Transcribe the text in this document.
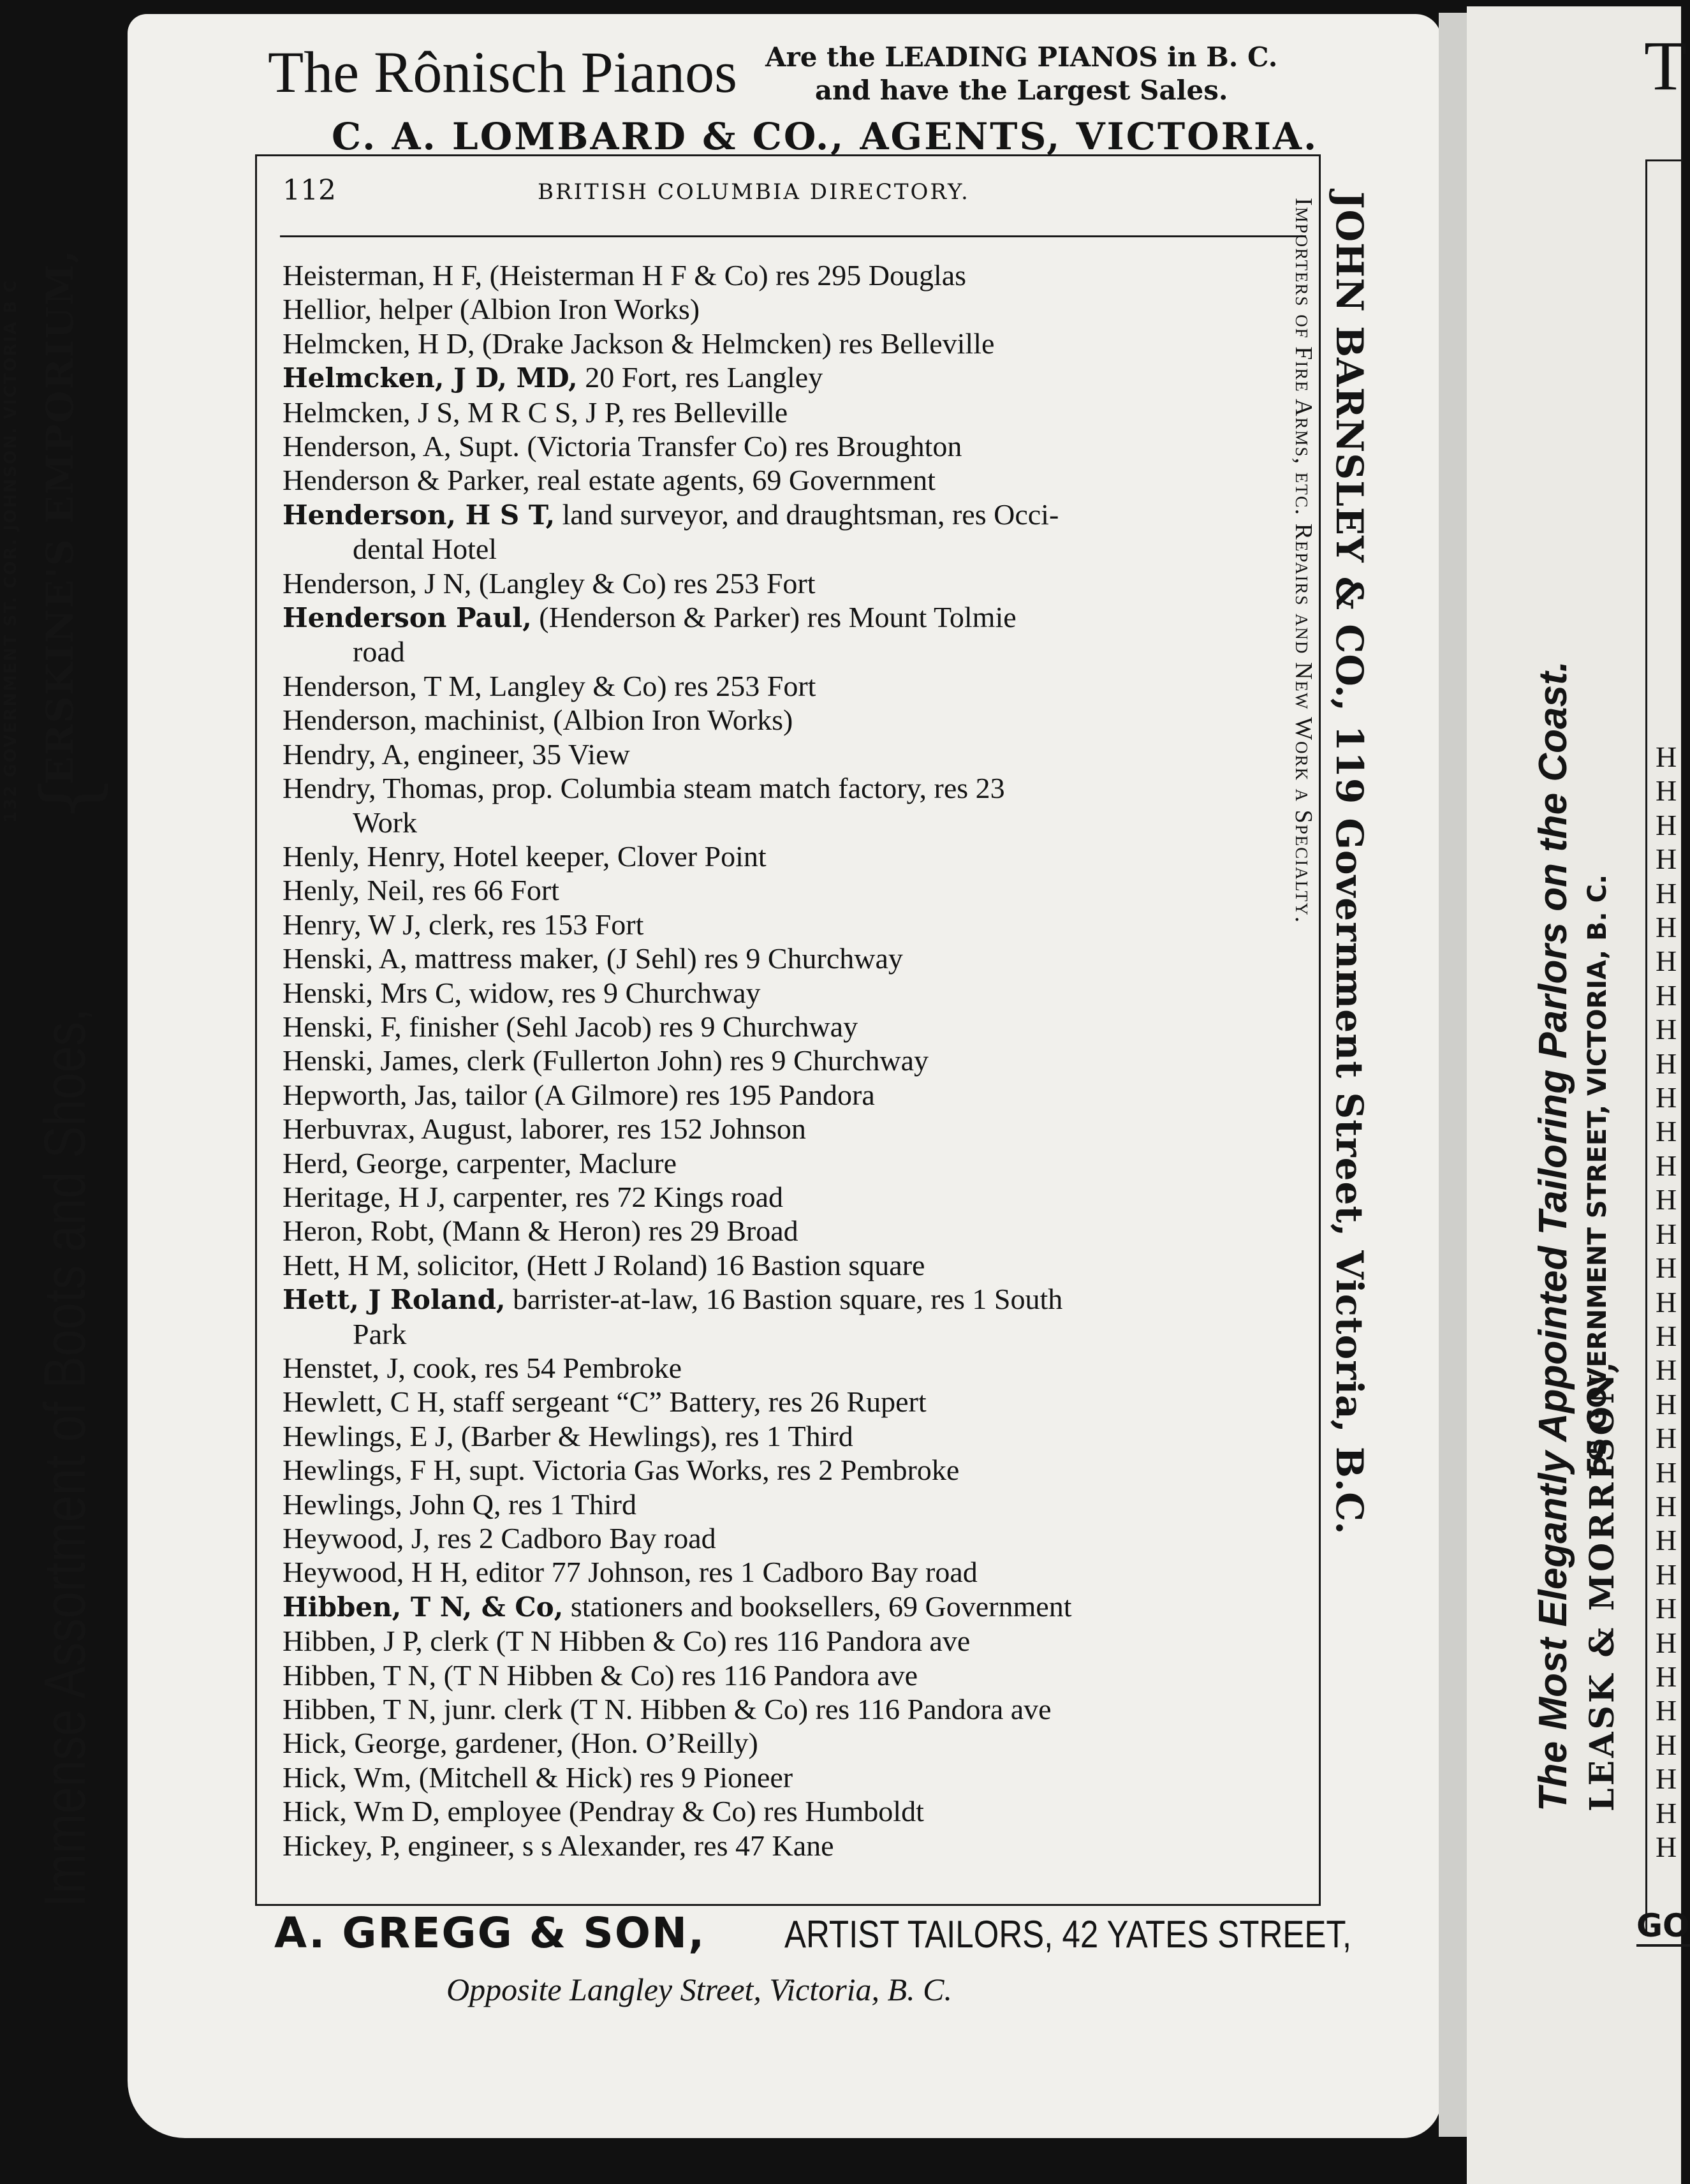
The Rônisch Pianos Are the LEADING PIANOS in B. C.
and have the Largest Sales.
C. A. LOMBARD & CO., AGENTS, VICTORIA.
Immense Assortment of Boots and Shoes,
{
132 GOVERNMENT ST. COR. JOHNSON. VICTORIA B C ERSKINE'S EMPORIUM,
112	BRITISH COLUMBIA DIRECTORY.
Heisterman, H F, (Heisterman H F & Co) res 295 Douglas
Hellior, helper (Albion Iron Works)
Helmcken, H D, (Drake Jackson & Helmcken) res Belleville
Helmcken, J D, MD, 20 Fort, res Langley
Helmcken, J S, M R C S, J P, res Belleville
Henderson, A, Supt. (Victoria Transfer Co) res Broughton
Henderson & Parker, real estate agents, 69 Government
Henderson, H S T, land surveyor, and draughtsman, res Occi-
dental Hotel
Henderson, J N, (Langley & Co) res 253 Fort
Henderson Paul, (Henderson & Parker) res Mount Tolmie
road
Henderson, T M, Langley & Co) res 253 Fort
Henderson, machinist, (Albion Iron Works)
Hendry, A, engineer, 35 View
Hendry, Thomas, prop. Columbia steam match factory, res 23
Work
Henly, Henry, Hotel keeper, Clover Point
Henly, Neil, res 66 Fort
Henry, W J, clerk, res 153 Fort
Henski, A, mattress maker, (J Sehl) res 9 Churchway
Henski, Mrs C, widow, res 9 Churchway
Henski, F, finisher (Sehl Jacob) res 9 Churchway
Henski, James, clerk (Fullerton John) res 9 Churchway
Hepworth, Jas, tailor (A Gilmore) res 195 Pandora
Herbuvrax, August, laborer, res 152 Johnson
Herd, George, carpenter, Maclure
Heritage, H J, carpenter, res 72 Kings road
Heron, Robt, (Mann & Heron) res 29 Broad
Hett, H M, solicitor, (Hett J Roland) 16 Bastion square
Hett, J Roland, barrister-at-law, 16 Bastion square, res 1 South
Park
Henstet, J, cook, res 54 Pembroke
Hewlett, C H, staff sergeant “C” Battery, res 26 Rupert
Hewlings, E J, (Barber & Hewlings), res 1 Third
Hewlings, F H, supt. Victoria Gas Works, res 2 Pembroke
Hewlings, John Q, res 1 Third
Heywood, J, res 2 Cadboro Bay road
Heywood, H H, editor 77 Johnson, res 1 Cadboro Bay road
Hibben, T N, & Co, stationers and booksellers, 69 Government
Hibben, J P, clerk (T N Hibben & Co) res 116 Pandora ave
Hibben, T N, (T N Hibben & Co) res 116 Pandora ave
Hibben, T N, junr. clerk (T N. Hibben & Co) res 116 Pandora ave
Hick, George, gardener, (Hon. O’Reilly)
Hick, Wm, (Mitchell & Hick) res 9 Pioneer
Hick, Wm D, employee (Pendray & Co) res Humboldt
Hickey, P, engineer, s s Alexander, res 47 Kane
JOHN BARNSLEY & CO., 119 Government Street, Victoria, B.C.
Importers of Fire Arms, etc. Repairs and New Work a Specialty.
The Most Elegantly Appointed Tailoring Parlors on the Coast. LEASK & MORRISON,
55 GOVERNMENT STREET, VICTORIA, B. C.
A. GREGG & SON, ARTIST TAILORS, 42 YATES STREET,
Opposite Langley Street, Victoria, B. C.
T
H
H
H
H
H
H
H
H
H
H
H
H
H
H
H
H
H
H
H
H
H
H
H
H
H
H
H
H
H
H
H
H
H
GO
